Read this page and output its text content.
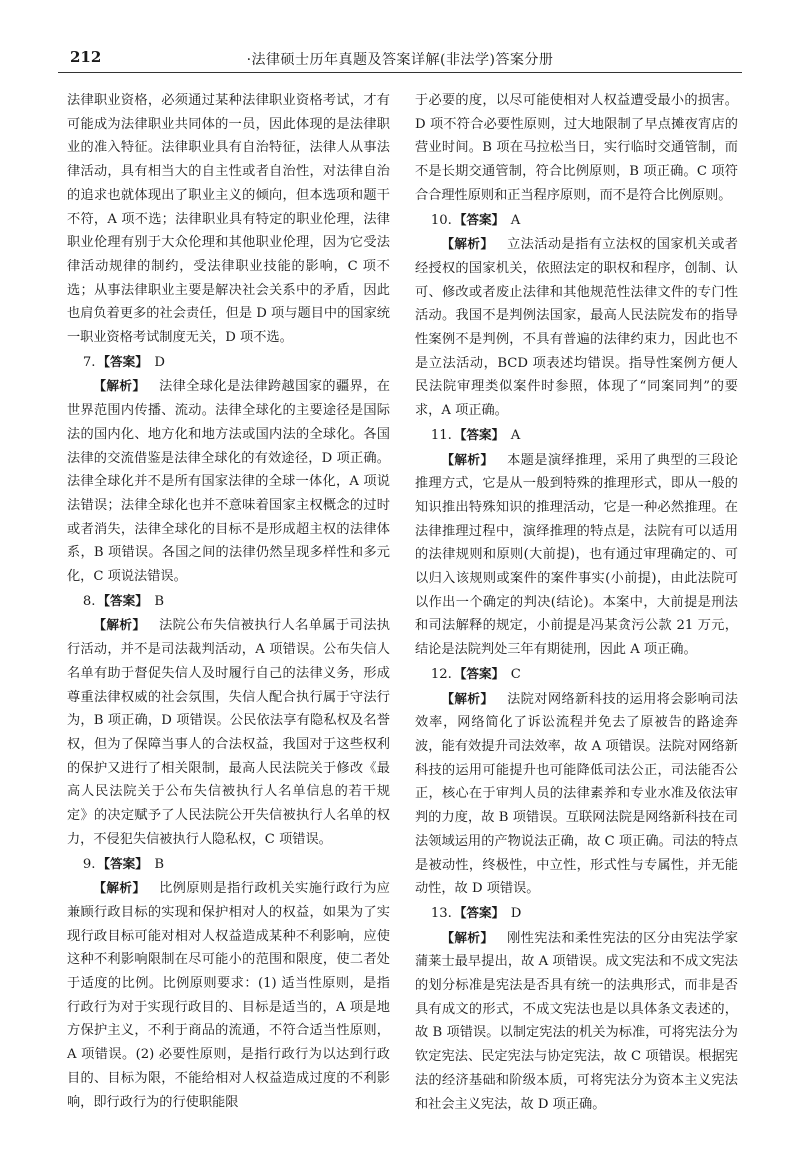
212	·法律硕士历年真题及答案详解(非法学)答案分册

法律职业资格，必须通过某种法律职业资格考试，才有可能成为法律职业共同体的一员，因此体现的是法律职业的准入特征。法律职业具有自治特征，法律人从事法律活动，具有相当大的自主性或者自治性，对法律自治的追求也就体现出了职业主义的倾向，但本选项和题干不符，A 项不选；法律职业具有特定的职业伦理，法律职业伦理有别于大众伦理和其他职业伦理，因为它受法律活动规律的制约，受法律职业技能的影响，C 项不选；从事法律职业主要是解决社会关系中的矛盾，因此也肩负着更多的社会责任，但是 D 项与题目中的国家统一职业资格考试制度无关，D 项不选。

7. 【答案】  D

【解析】  法律全球化是法律跨越国家的疆界，在世界范围内传播、流动。法律全球化的主要途径是国际法的国内化、地方化和地方法或国内法的全球化。各国法律的交流借鉴是法律全球化的有效途径，D 项正确。法律全球化并不是所有国家法律的全球一体化，A 项说法错误；法律全球化也并不意味着国家主权概念的过时或者消失，法律全球化的目标不是形成超主权的法律体系，B 项错误。各国之间的法律仍然呈现多样性和多元化，C 项说法错误。

8. 【答案】  B

【解析】  法院公布失信被执行人名单属于司法执行活动，并不是司法裁判活动，A 项错误。公布失信人名单有助于督促失信人及时履行自己的法律义务，形成尊重法律权威的社会氛围，失信人配合执行属于守法行为，B 项正确，D 项错误。公民依法享有隐私权及名誉权，但为了保障当事人的合法权益，我国对于这些权利的保护又进行了相关限制，最高人民法院关于修改《最高人民法院关于公布失信被执行人名单信息的若干规定》的决定赋予了人民法院公开失信被执行人名单的权力，不侵犯失信被执行人隐私权，C 项错误。

9. 【答案】  B

【解析】  比例原则是指行政机关实施行政行为应兼顾行政目标的实现和保护相对人的权益，如果为了实现行政目标可能对相对人权益造成某种不利影响，应使这种不利影响限制在尽可能小的范围和限度，使二者处于适度的比例。比例原则要求：(1) 适当性原则，是指行政行为对于实现行政目的、目标是适当的，A 项是地方保护主义，不利于商品的流通，不符合适当性原则，A 项错误。(2) 必要性原则，是指行政行为以达到行政目的、目标为限，不能给相对人权益造成过度的不利影响，即行政行为的行使职能限

于必要的度，以尽可能使相对人权益遭受最小的损害。D 项不符合必要性原则，过大地限制了早点摊夜宵店的营业时间。B 项在马拉松当日，实行临时交通管制，而不是长期交通管制，符合比例原则，B 项正确。C 项符合合理性原则和正当程序原则，而不是符合比例原则。

10. 【答案】  A

【解析】  立法活动是指有立法权的国家机关或者经授权的国家机关，依照法定的职权和程序，创制、认可、修改或者废止法律和其他规范性法律文件的专门性活动。我国不是判例法国家，最高人民法院发布的指导性案例不是判例，不具有普遍的法律约束力，因此也不是立法活动，BCD 项表述均错误。指导性案例方便人民法院审理类似案件时参照，体现了“同案同判”的要求，A 项正确。

11. 【答案】  A

【解析】  本题是演绎推理，采用了典型的三段论推理方式，它是从一般到特殊的推理形式，即从一般的知识推出特殊知识的推理活动，它是一种必然推理。在法律推理过程中，演绎推理的特点是，法院有可以适用的法律规则和原则(大前提)，也有通过审理确定的、可以归入该规则或案件的案件事实(小前提)，由此法院可以作出一个确定的判决(结论)。本案中，大前提是刑法和司法解释的规定，小前提是冯某贪污公款 21 万元，结论是法院判处三年有期徒刑，因此 A 项正确。

12. 【答案】  C

【解析】  法院对网络新科技的运用将会影响司法效率，网络简化了诉讼流程并免去了原被告的路途奔波，能有效提升司法效率，故 A 项错误。法院对网络新科技的运用可能提升也可能降低司法公正，司法能否公正，核心在于审判人员的法律素养和专业水准及依法审判的力度，故 B 项错误。互联网法院是网络新科技在司法领域运用的产物说法正确，故 C 项正确。司法的特点是被动性，终极性，中立性，形式性与专属性，并无能动性，故 D 项错误。

13. 【答案】  D

【解析】  刚性宪法和柔性宪法的区分由宪法学家蒲莱士最早提出，故 A 项错误。成文宪法和不成文宪法的划分标准是宪法是否具有统一的法典形式，而非是否具有成文的形式，不成文宪法也是以具体条文表述的，故 B 项错误。以制定宪法的机关为标准，可将宪法分为钦定宪法、民定宪法与协定宪法，故 C 项错误。根据宪法的经济基础和阶级本质，可将宪法分为资本主义宪法和社会主义宪法，故 D 项正确。
